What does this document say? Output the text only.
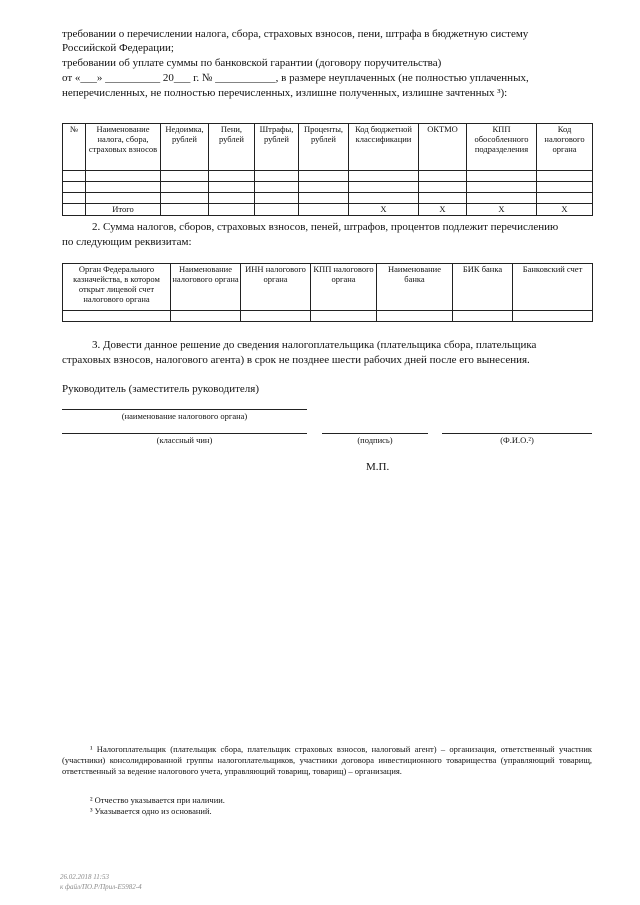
требовании о перечислении налога, сбора, страховых взносов, пени, штрафа в бюджетную систему
Российской Федерации;
требовании об уплате суммы по банковской гарантии (договору поручительства)
от «___» __________ 20___ г. № ___________, в размере неуплаченных (не полностью уплаченных,
неперечисленных, не полностью перечисленных, излишне полученных, излишне зачтенных ³):
№	Наименование налога, сбора, страховых взносов	Недоимка, рублей	Пени, рублей	Штрафы, рублей	Проценты, рублей	Код бюджетной классификации	ОКТМО	КПП обособленного подразделения	Код налогового органа

	Итого					X	X	X	X
2. Сумма налогов, сборов, страховых взносов, пеней, штрафов, процентов подлежит перечислению
по следующим реквизитам:
Орган Федерального казначейства, в котором открыт лицевой счет налогового органа	Наименование налогового органа	ИНН налогового органа	КПП налогового органа	Наименование банка	БИК банка	Банковский счет

3. Довести данное решение до сведения налогоплательщика (плательщика сбора, плательщика
страховых взносов, налогового агента) в срок не позднее шести рабочих дней после его вынесения.
Руководитель (заместитель руководителя)
(наименование налогового органа)
(классный чин)	(подпись)	(Ф.И.О.²)
М.П.
¹ Налогоплательщик (плательщик сбора, плательщик страховых взносов, налоговый агент) – организация, ответственный участник (участники) консолидированной группы налогоплательщиков, участники договора инвестиционного товарищества (управляющий товарищ, ответственный за ведение налогового учета, управляющий товарищ, товарищ) – организация.
² Отчество указывается при наличии.
³ Указывается одно из оснований.
26.02.2018 11:53
к файл/ПО.Р/Прил-Е5982-4
